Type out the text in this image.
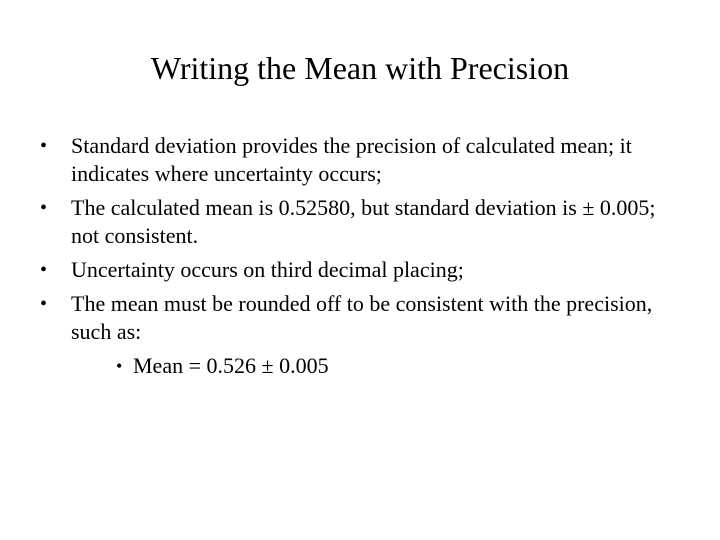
Writing the Mean with Precision
• Standard deviation provides the precision of calculated mean; it indicates where uncertainty occurs;
• The calculated mean is 0.52580, but standard deviation is ± 0.005; not consistent.
• Uncertainty occurs on third decimal placing;
• The mean must be rounded off to be consistent with the precision, such as:
• Mean = 0.526 ± 0.005
